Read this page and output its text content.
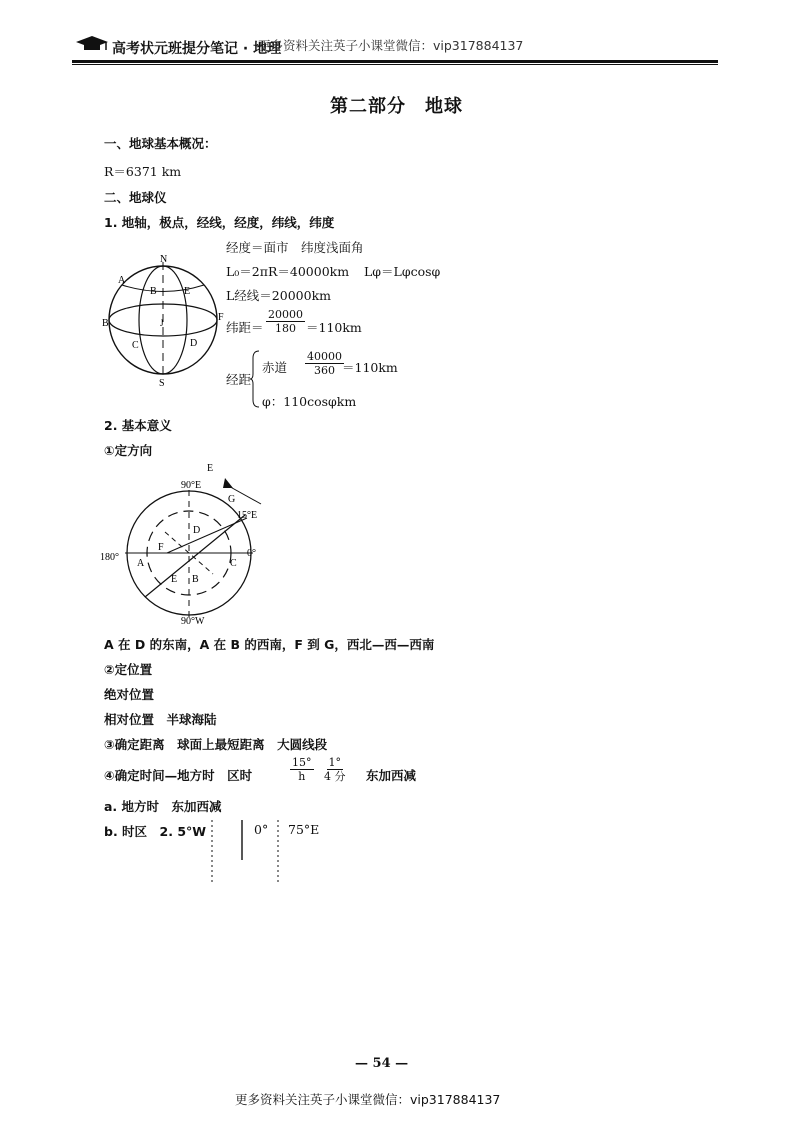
高考状元班提分笔记 · 地理
更多资料关注英子小课堂微信：vip317884137
第二部分　地球
一、地球基本概况：
R＝6371 km
二、地球仪
1. 地轴，极点，经线，经度，纬线，纬度
N
S
A
B	E
B
F
C	D
J
经度＝面市　纬度浅面角
L₀＝2πR＝40000km Lφ＝Lφcosφ
L经线＝20000km
纬距＝ $\frac{20000}{180} =110km$
经距
赤道 $\frac{40000}{360}$
＝110km
φ：110cosφkm
2. 基本意义
①定方向
E
G
90°E
90°W
180°	0°
15°E
D
F
A
E B
C
A 在 D 的东南，A 在 B 的西南，F 到 G，西北—西—西南
②定位置
绝对位置
相对位置　半球海陆
③确定距离　球面上最短距离　大圆线段
④确定时间—地方时　区时	$\frac{15^\circ}{h} 1^\circ$
4 分 东加西减
a. 地方时　东加西减
b. 时区　2. 5°W	0° 75°E
— 54 —
更多资料关注英子小课堂微信：vip317884137
